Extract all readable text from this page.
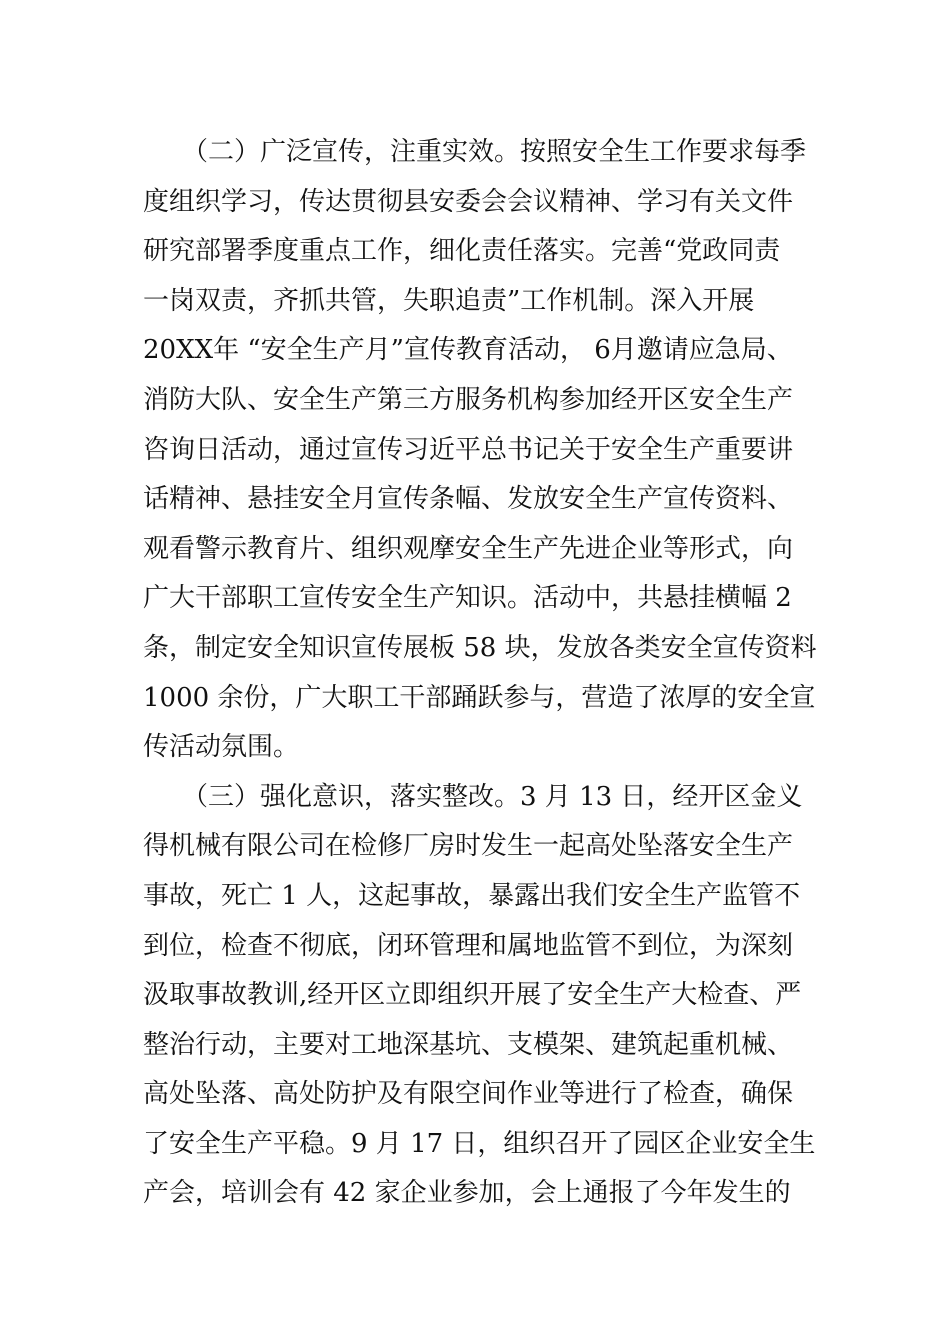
　　（二）广泛宣传，注重实效。按照安全生工作要求每季
度组织学习，传达贯彻县安委会会议精神、学习有关文件
研究部署季度重点工作，细化责任落实。完善“党政同责
一岗双责，齐抓共管，失职追责”工作机制。深入开展
20XX年 “安全生产月”宣传教育活动， 6月邀请应急局、
消防大队、安全生产第三方服务机构参加经开区安全生产
咨询日活动，通过宣传习近平总书记关于安全生产重要讲
话精神、悬挂安全月宣传条幅、发放安全生产宣传资料、
观看警示教育片、组织观摩安全生产先进企业等形式，向
广大干部职工宣传安全生产知识。活动中，共悬挂横幅 2
条，制定安全知识宣传展板 58 块，发放各类安全宣传资料
1000 余份，广大职工干部踊跃参与，营造了浓厚的安全宣
传活动氛围。

　　（三）强化意识，落实整改。3 月 13 日，经开区金义
得机械有限公司在检修厂房时发生一起高处坠落安全生产
事故，死亡 1 人，这起事故，暴露出我们安全生产监管不
到位，检查不彻底，闭环管理和属地监管不到位，为深刻
汲取事故教训,经开区立即组织开展了安全生产大检查、严
整治行动，主要对工地深基坑、支模架、建筑起重机械、
高处坠落、高处防护及有限空间作业等进行了检查，确保
了安全生产平稳。9 月 17 日，组织召开了园区企业安全生
产会，培训会有 42 家企业参加，会上通报了今年发生的
